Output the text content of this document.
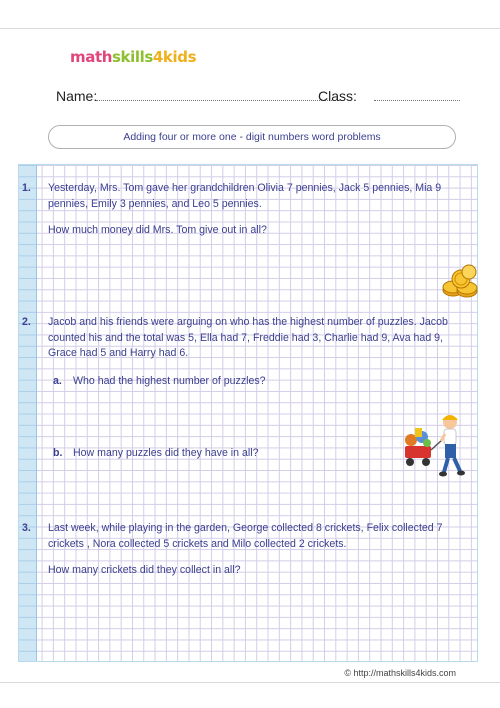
mathskills4kids
Name:	Class:
Adding four or more one - digit numbers word problems
1. Yesterday, Mrs. Tom gave her grandchildren Olivia 7 pennies, Jack 5 pennies, Mia 9 pennies, Emily 3 pennies, and Leo 5 pennies.
How much money did Mrs. Tom give out in all?
2. Jacob and his friends were arguing on who has the highest number of puzzles. Jacob counted his and the total was 5, Ella had 7, Freddie had 3, Charlie had 9, Ava had 9, Grace had 5 and Harry had 6.
a. Who had the highest number of puzzles?
b. How many puzzles did they have in all?
3. Last week, while playing in the garden, George collected 8 crickets, Felix collected 7 crickets , Nora collected 5 crickets and Milo collected 2 crickets.
How many crickets did they collect in all?
© http://mathskills4kids.com
